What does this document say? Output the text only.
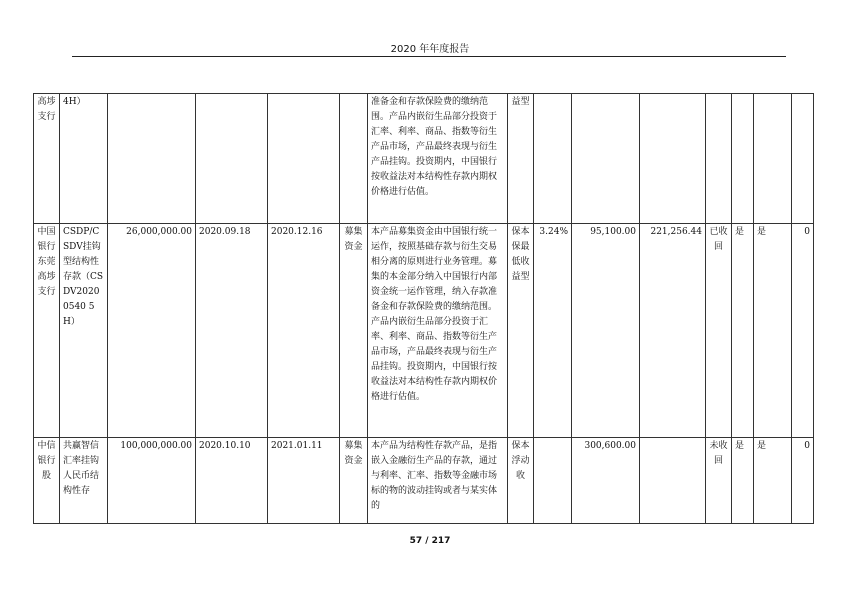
2020 年年度报告
高埗支行	4H）					准备金和存款保险费的缴纳范围。产品内嵌衍生品部分投资于汇率、利率、商品、指数等衍生产品市场，产品最终表现与衍生产品挂钩。投资期内，中国银行按收益法对本结构性存款内期权价格进行估值。	益型							
中国银行东莞高埗支行	CSDP/CSDV挂钩型结构性存款（CSDV20200540 5H）	26,000,000.00	2020.09.18	2020.12.16	募集资金	本产品募集资金由中国银行统一运作，按照基础存款与衍生交易相分离的原则进行业务管理。募集的本金部分纳入中国银行内部资金统一运作管理，纳入存款准备金和存款保险费的缴纳范围。产品内嵌衍生品部分投资于汇率、利率、商品、指数等衍生产品市场，产品最终表现与衍生产品挂钩。投资期内，中国银行按收益法对本结构性存款内期权价格进行估值。	保本保最低收益型	3.24%	95,100.00	221,256.44	已收回	是	是	0
中信银行股	共赢智信汇率挂钩人民币结构性存	100,000,000.00	2020.10.10	2021.01.11	募集资金	本产品为结构性存款产品，是指嵌入金融衍生产品的存款，通过与利率、汇率、指数等金融市场标的物的波动挂钩或者与某实体的	保本浮动收		300,600.00		未收回	是	是	0
57 / 217
